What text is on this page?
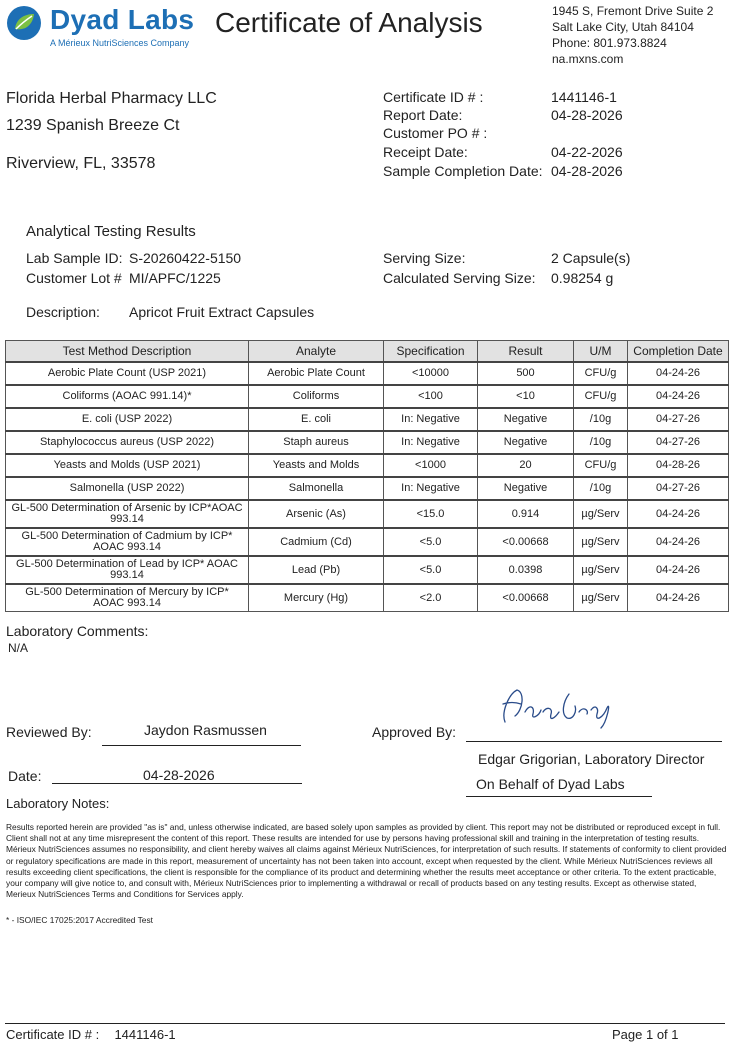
Dyad Labs
A Mérieux NutriSciences Company
Certificate of Analysis	1945 S, Fremont Drive Suite 2
Salt Lake City, Utah 84104
Phone: 801.973.8824
na.mxns.com
Florida Herbal Pharmacy LLC
1239 Spanish Breeze Ct
Riverview, FL, 33578
Certificate ID # :	1441146-1
Report Date:	04-28-2026
Customer PO # :
Receipt Date:	04-22-2026
Sample Completion Date: 04-28-2026
Analytical Testing Results
Lab Sample ID: S-20260422-5150
Customer Lot # MI/APFC/1225
Serving Size:	2 Capsule(s)
Calculated Serving Size: 0.98254 g
Description: Apricot Fruit Extract Capsules
Test Method Description	Analyte	Specification	Result	U/M	Completion Date
Aerobic Plate Count (USP 2021)	Aerobic Plate Count	<10000	500	CFU/g	04-24-26
Coliforms (AOAC 991.14)*	Coliforms	<100	<10	CFU/g	04-24-26
E. coli (USP 2022)	E. coli	In: Negative	Negative	/10g	04-27-26
Staphylococcus aureus (USP 2022)	Staph aureus	In: Negative	Negative	/10g	04-27-26
Yeasts and Molds (USP 2021)	Yeasts and Molds	<1000	20	CFU/g	04-28-26
Salmonella (USP 2022)	Salmonella	In: Negative	Negative	/10g	04-27-26
GL-500 Determination of Arsenic by ICP*AOAC 993.14	Arsenic (As)	<15.0	0.914	µg/Serv	04-24-26
GL-500 Determination of Cadmium by ICP* AOAC 993.14	Cadmium (Cd)	<5.0	<0.00668	µg/Serv	04-24-26
GL-500 Determination of Lead by ICP* AOAC 993.14	Lead (Pb)	<5.0	0.0398	µg/Serv	04-24-26
GL-500 Determination of Mercury by ICP* AOAC 993.14	Mercury (Hg)	<2.0	<0.00668	µg/Serv	04-24-26
Laboratory Comments:
N/A
Reviewed By:	Jaydon Rasmussen
Date:	04-28-2026
Approved By:
Edgar Grigorian, Laboratory Director
On Behalf of Dyad Labs
Laboratory Notes:
Results reported herein are provided "as is" and, unless otherwise indicated, are based solely upon samples as provided by client. This report may not be distributed or reproduced except in full. Client shall not at any time misrepresent the content of this report. These results are intended for use by persons having professional skill and training in the interpretation of testing results. Mérieux NutriSciences assumes no responsibility, and client hereby waives all claims against Mérieux NutriSciences, for interpretation of such results. If statements of conformity to client provided or regulatory specifications are made in this report, measurement of uncertainty has not been taken into account, except when requested by the client. While Mérieux NutriSciences reviews all results exceeding client specifications, the client is responsible for the compliance of its product and determining whether the results meet acceptance or other criteria. To the extent practicable, your company will give notice to, and consult with, Mérieux NutriSciences prior to implementing a withdrawal or recall of products based on any testing results. Except as otherwise stated, Merieux NutriSciences Terms and Conditions for Services apply.
* - ISO/IEC 17025:2017 Accredited Test
Certificate ID # : 1441146-1	Page 1 of 1
